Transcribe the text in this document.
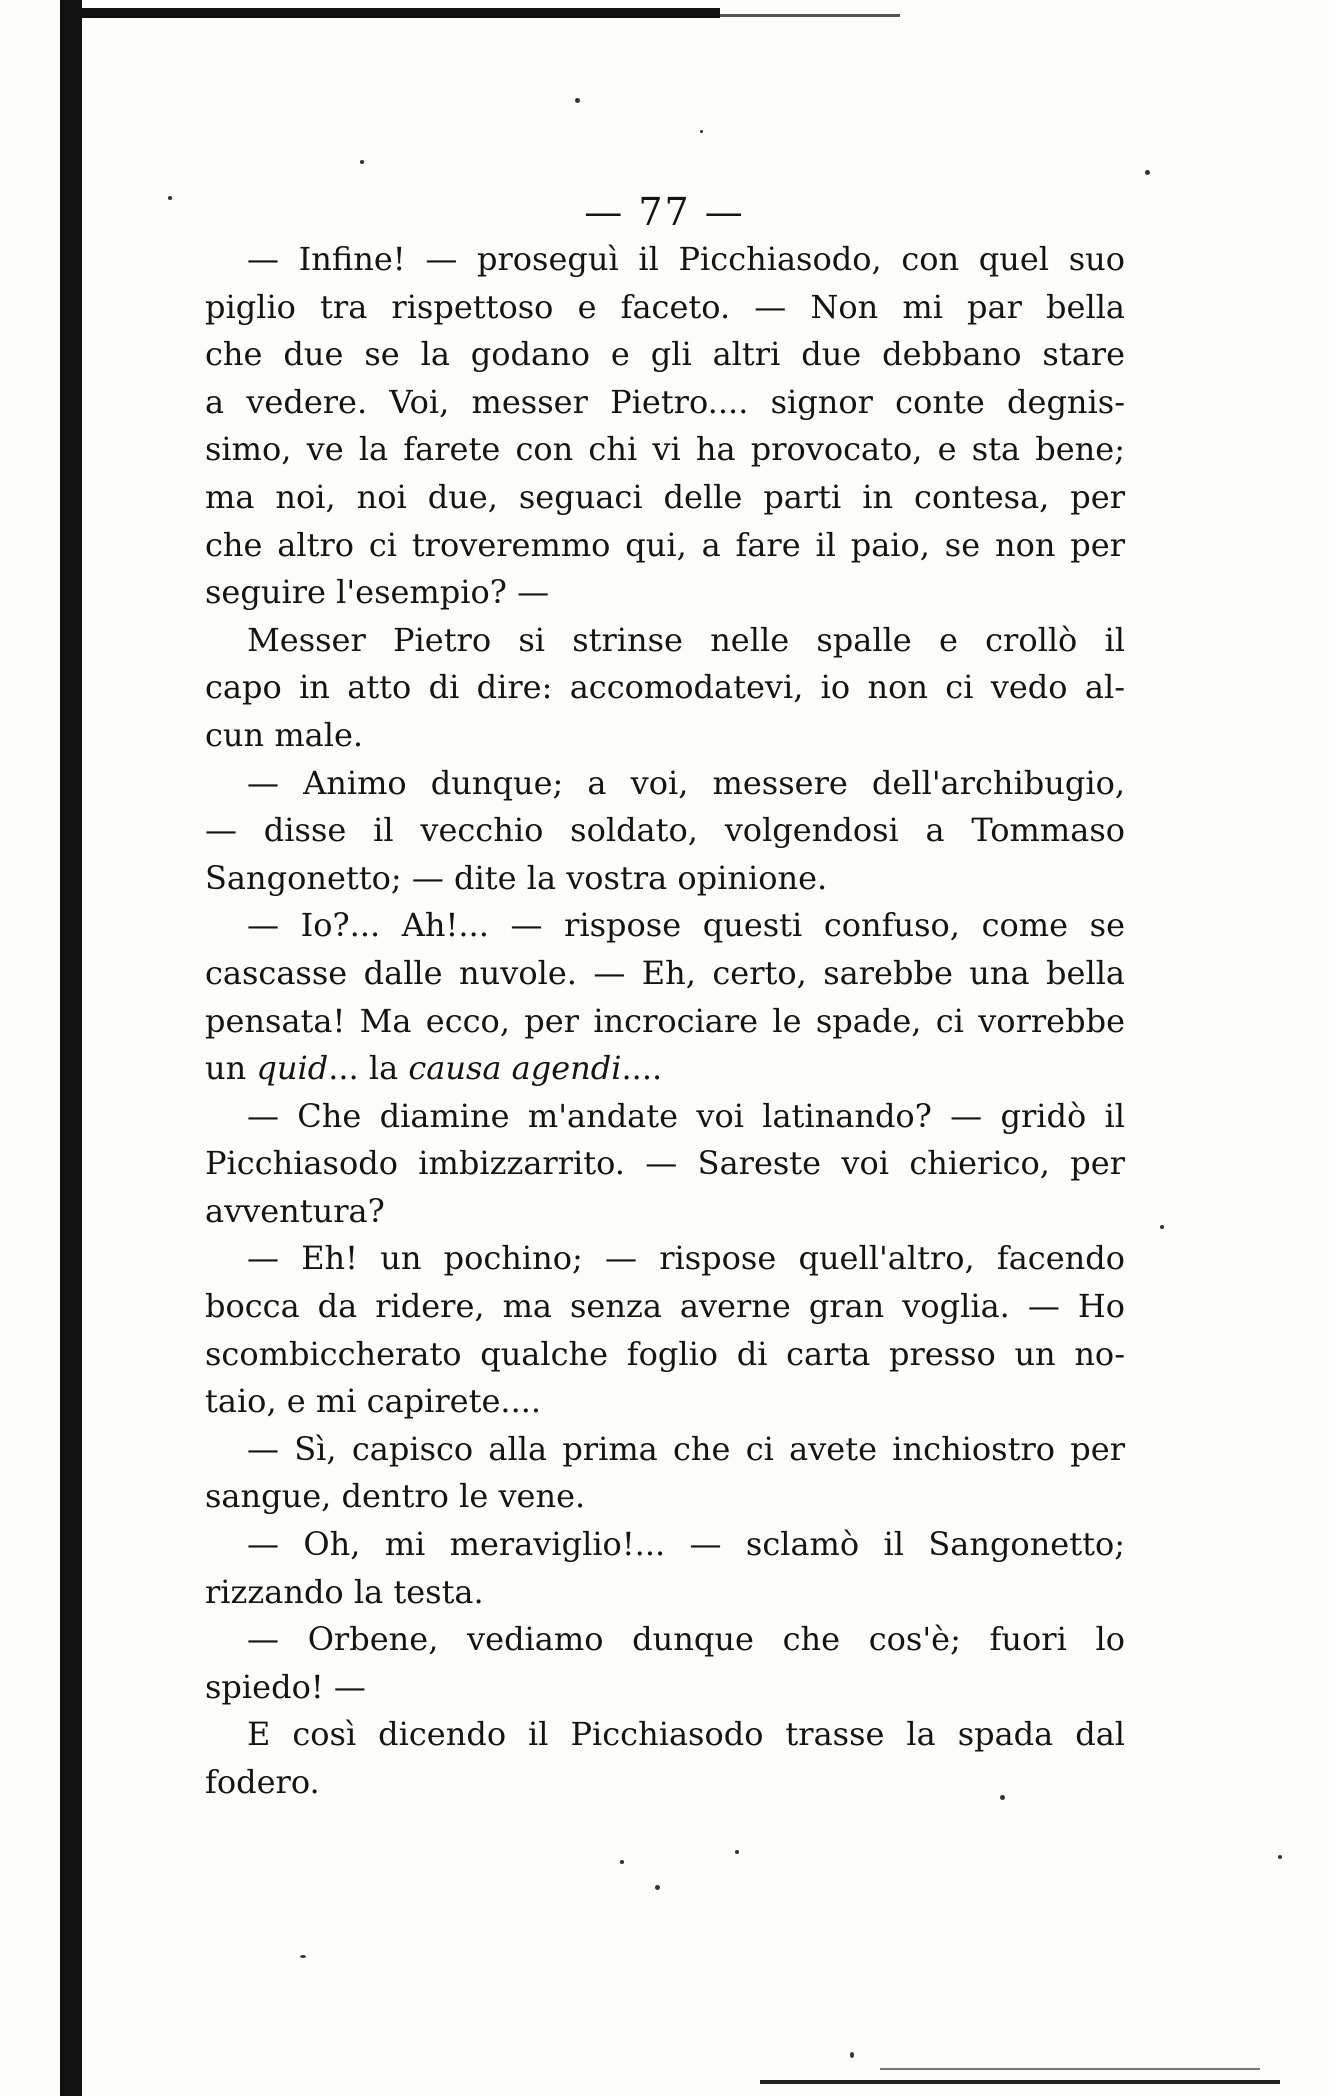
— 77 —
— Infine! — proseguì il Picchiasodo, con quel suo
piglio tra rispettoso e faceto. — Non mi par bella
che due se la godano e gli altri due debbano stare
a vedere. Voi, messer Pietro.... signor conte degnis-
simo, ve la farete con chi vi ha provocato, e sta bene;
ma noi, noi due, seguaci delle parti in contesa, per
che altro ci troveremmo qui, a fare il paio, se non per
seguire l'esempio? —
Messer Pietro si strinse nelle spalle e crollò il
capo in atto di dire: accomodatevi, io non ci vedo al-
cun male.
— Animo dunque; a voi, messere dell'archibugio,
— disse il vecchio soldato, volgendosi a Tommaso
Sangonetto; — dite la vostra opinione.
— Io?... Ah!... — rispose questi confuso, come se
cascasse dalle nuvole. — Eh, certo, sarebbe una bella
pensata! Ma ecco, per incrociare le spade, ci vorrebbe
un quid... la causa agendi....
— Che diamine m'andate voi latinando? — gridò il
Picchiasodo imbizzarrito. — Sareste voi chierico, per
avventura?
— Eh! un pochino; — rispose quell'altro, facendo
bocca da ridere, ma senza averne gran voglia. — Ho
scombiccherato qualche foglio di carta presso un no-
taio, e mi capirete....
— Sì, capisco alla prima che ci avete inchiostro per
sangue, dentro le vene.
— Oh, mi meraviglio!... — sclamò il Sangonetto;
rizzando la testa.
— Orbene, vediamo dunque che cos'è; fuori lo
spiedo! —
E così dicendo il Picchiasodo trasse la spada dal
fodero.
